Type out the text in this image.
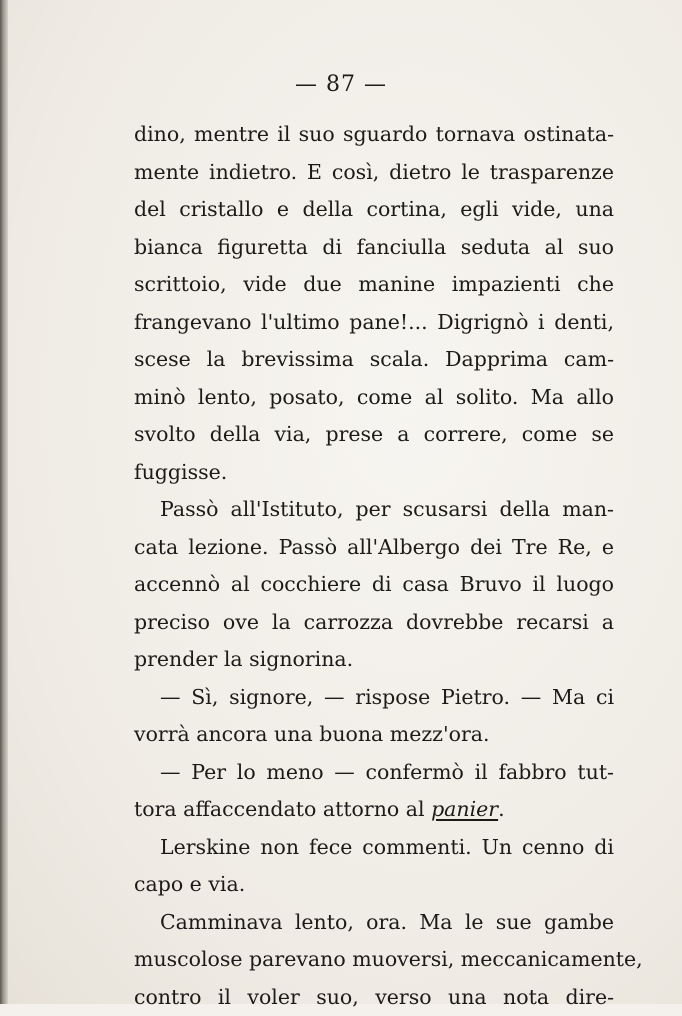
— 87 —
dino, mentre il suo sguardo tornava ostinata-
mente indietro. E così, dietro le trasparenze
del cristallo e della cortina, egli vide, una
bianca figuretta di fanciulla seduta al suo
scrittoio, vide due manine impazienti che
frangevano l'ultimo pane!... Digrignò i denti,
scese la brevissima scala. Dapprima cam-
minò lento, posato, come al solito. Ma allo
svolto della via, prese a correre, come se
fuggisse.
Passò all'Istituto, per scusarsi della man-
cata lezione. Passò all'Albergo dei Tre Re, e
accennò al cocchiere di casa Bruvo il luogo
preciso ove la carrozza dovrebbe recarsi a
prender la signorina.
— Sì, signore, — rispose Pietro. — Ma ci
vorrà ancora una buona mezz'ora.
— Per lo meno — confermò il fabbro tut-
tora affaccendato attorno al panier.
Lerskine non fece commenti. Un cenno di
capo e via.
Camminava lento, ora. Ma le sue gambe
muscolose parevano muoversi, meccanicamente,
contro il voler suo, verso una nota dire-
